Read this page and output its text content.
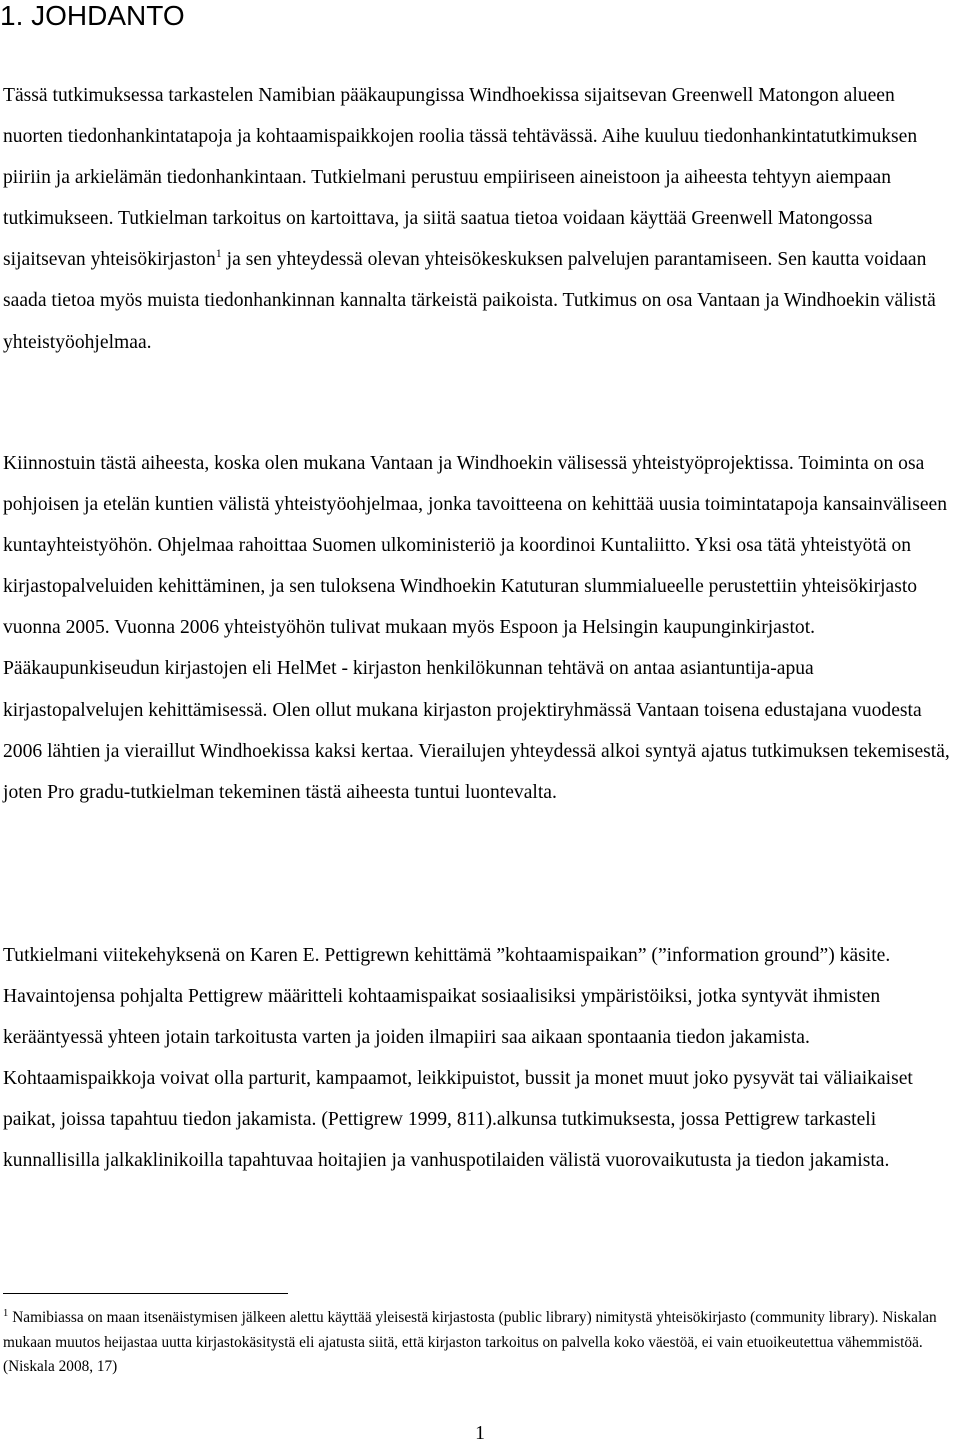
1. JOHDANTO

Tässä tutkimuksessa tarkastelen Namibian pääkaupungissa Windhoekissa sijaitsevan Greenwell Matongon alueen nuorten tiedonhankintatapoja ja kohtaamispaikkojen roolia tässä tehtävässä. Aihe kuuluu tiedonhankintatutkimuksen piiriin ja arkielämän tiedonhankintaan. Tutkielmani perustuu empiiriseen aineistoon ja aiheesta tehtyyn aiempaan tutkimukseen. Tutkielman tarkoitus on kartoittava, ja siitä saatua tietoa voidaan käyttää Greenwell Matongossa sijaitsevan yhteisökirjaston$^1$ ja sen yhteydessä olevan yhteisökeskuksen palvelujen parantamiseen. Sen kautta voidaan saada tietoa myös muista tiedonhankinnan kannalta tärkeistä paikoista. Tutkimus on osa Vantaan ja Windhoekin välistä yhteistyöohjelmaa.

Kiinnostuin tästä aiheesta, koska olen mukana Vantaan ja Windhoekin välisessä yhteistyöprojektissa. Toiminta on osa pohjoisen ja etelän kuntien välistä yhteistyöohjelmaa, jonka tavoitteena on kehittää uusia toimintatapoja kansainväliseen kuntayhteistyöhön. Ohjelmaa rahoittaa Suomen ulkoministeriö ja koordinoi Kuntaliitto. Yksi osa tätä yhteistyötä on kirjastopalveluiden kehittäminen, ja sen tuloksena Windhoekin Katuturan slummialueelle perustettiin yhteisökirjasto vuonna 2005. Vuonna 2006 yhteistyöhön tulivat mukaan myös Espoon ja Helsingin kaupunginkirjastot. Pääkaupunkiseudun kirjastojen eli HelMet - kirjaston henkilökunnan tehtävä on antaa asiantuntija-apua kirjastopalvelujen kehittämisessä. Olen ollut mukana kirjaston projektiryhmässä Vantaan toisena edustajana vuodesta 2006 lähtien ja vieraillut Windhoekissa kaksi kertaa. Vierailujen yhteydessä alkoi syntyä ajatus tutkimuksen tekemisestä, joten Pro gradu-tutkielman tekeminen tästä aiheesta tuntui luontevalta.

Tutkielmani viitekehyksenä on Karen E. Pettigrewn kehittämä ”kohtaamispaikan” (”information ground”) käsite. Havaintojensa pohjalta Pettigrew määritteli kohtaamispaikat sosiaalisiksi ympäristöiksi, jotka syntyvät ihmisten kerääntyessä yhteen jotain tarkoitusta varten ja joiden ilmapiiri saa aikaan spontaania tiedon jakamista. Kohtaamispaikkoja voivat olla parturit, kampaamot, leikkipuistot, bussit ja monet muut joko pysyvät tai väliaikaiset paikat, joissa tapahtuu tiedon jakamista. (Pettigrew 1999, 811).alkunsa tutkimuksesta, jossa Pettigrew tarkasteli kunnallisilla jalkaklinikoilla tapahtuvaa hoitajien ja vanhuspotilaiden välistä vuorovaikutusta ja tiedon jakamista.

$^1$ Namibiassa on maan itsenäistymisen jälkeen alettu käyttää yleisestä kirjastosta (public library) nimitystä yhteisökirjasto (community library). Niskalan mukaan muutos heijastaa uutta kirjastokäsitystä eli ajatusta siitä, että kirjaston tarkoitus on palvella koko väestöä, ei vain etuoikeutettua vähemmistöä. (Niskala 2008, 17)

1
